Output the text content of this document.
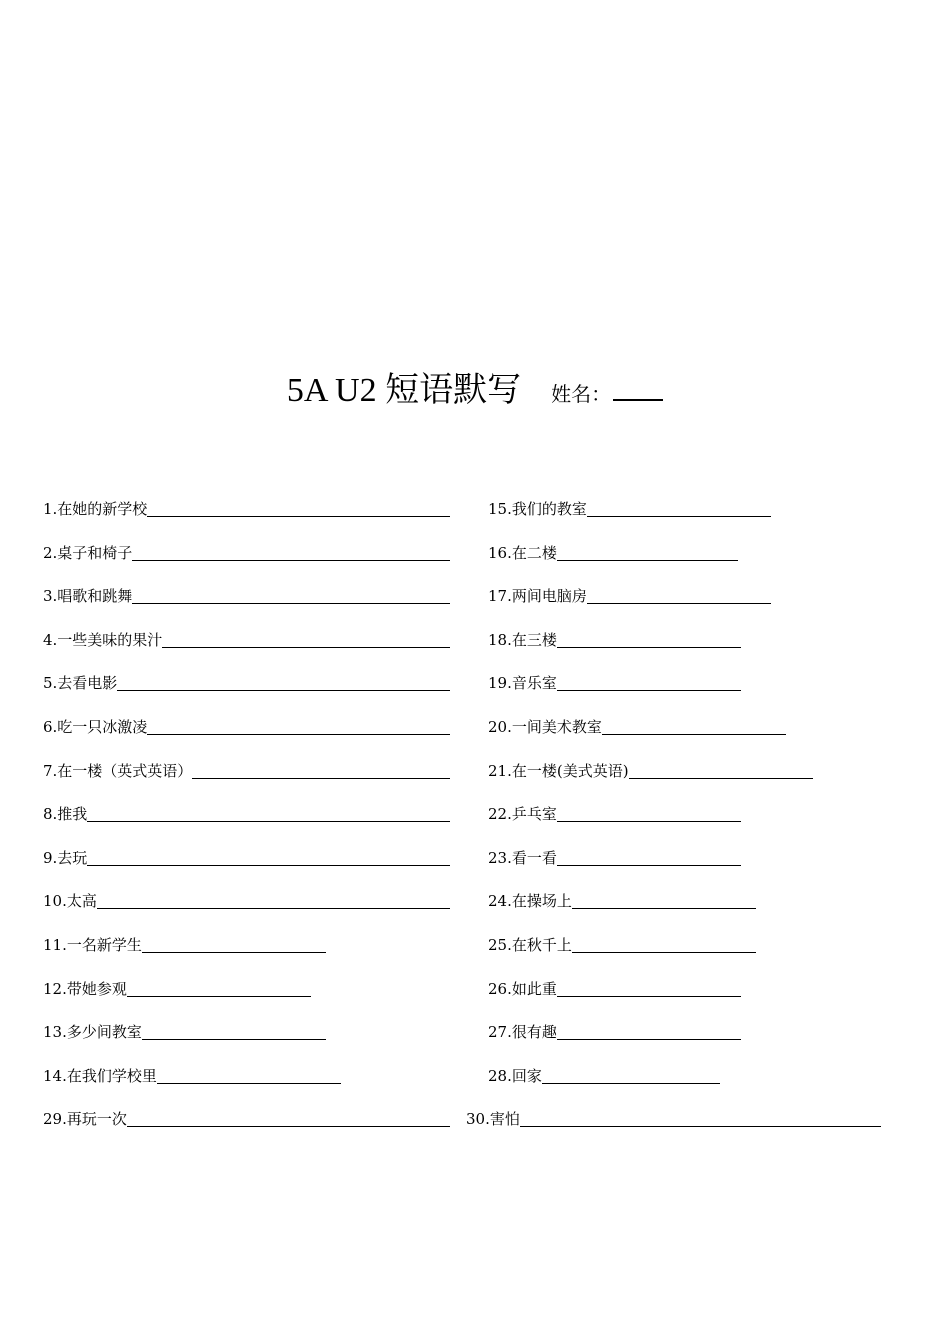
5A U2 短语默写 姓名：
1.在她的新学校
2.桌子和椅子
3.唱歌和跳舞
4.一些美味的果汁
5.去看电影
6.吃一只冰激凌
7.在一楼（英式英语）
8.推我
9.去玩
10.太高
11.一名新学生
12.带她参观
13.多少间教室
14.在我们学校里
29.再玩一次
15.我们的教室
16.在二楼
17.两间电脑房
18.在三楼
19.音乐室
20.一间美术教室
21.在一楼(美式英语)
22.乒乓室
23.看一看
24.在操场上
25.在秋千上
26.如此重
27.很有趣
28.回家
30.害怕
